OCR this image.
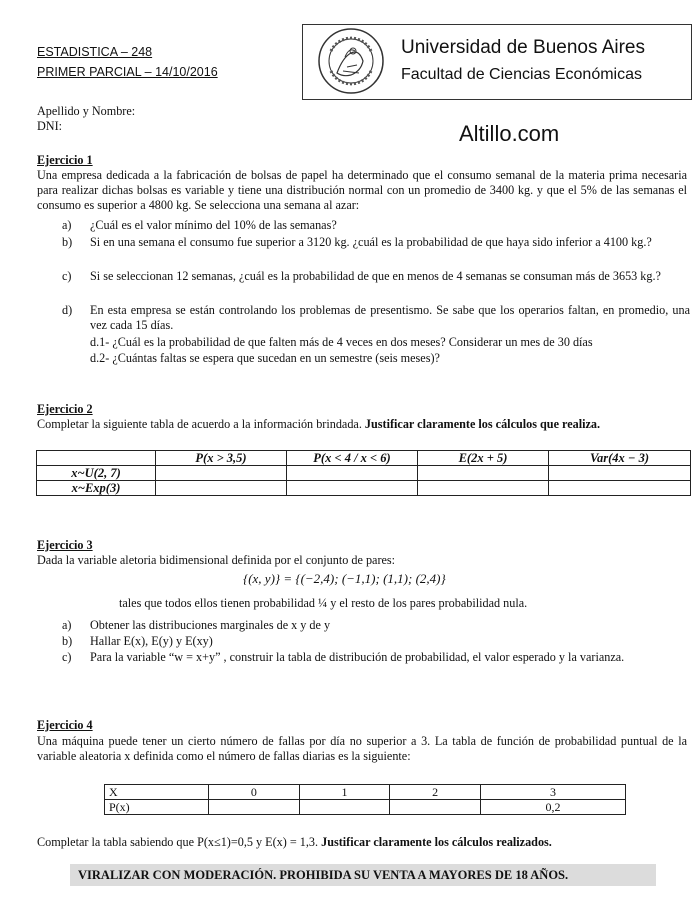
ESTADISTICA – 248
PRIMER PARCIAL – 14/10/2016
Universidad de Buenos Aires
Facultad de Ciencias Económicas
Apellido y Nombre:
DNI:	Altillo.com
Ejercicio 1
Una empresa dedicada a la fabricación de bolsas de papel ha determinado que el consumo semanal de la materia prima necesaria para realizar dichas bolsas es variable y tiene una distribución normal con un promedio de 3400 kg. y que el 5% de las semanas el consumo es superior a 4800 kg. Se selecciona una semana al azar:
a) ¿Cuál es el valor mínimo del 10% de las semanas?
b) Si en una semana el consumo fue superior a 3120 kg. ¿cuál es la probabilidad de que haya sido inferior a 4100 kg.?
c) Si se seleccionan 12 semanas, ¿cuál es la probabilidad de que en menos de 4 semanas se consuman más de 3653 kg.?
d) En esta empresa se están controlando los problemas de presentismo. Se sabe que los operarios faltan, en promedio, una vez cada 15 días.
d.1- ¿Cuál es la probabilidad de que falten más de 4 veces en dos meses? Considerar un mes de 30 días
d.2- ¿Cuántas faltas se espera que sucedan en un semestre (seis meses)?
Ejercicio 2
Completar la siguiente tabla de acuerdo a la información brindada. Justificar claramente los cálculos que realiza.
	P(x > 3,5)	P(x < 4 / x < 6)	E(2x + 5)	Var(4x − 3)
x~U(2, 7)				
x~Exp(3)				
Ejercicio 3
Dada la variable aletoria bidimensional definida por el conjunto de pares:
{(x, y)} = {(−2,4); (−1,1); (1,1); (2,4)}
tales que todos ellos tienen probabilidad ¼ y el resto de los pares probabilidad nula.
a) Obtener las distribuciones marginales de x y de y
b) Hallar E(x), E(y) y E(xy)
c) Para la variable “w = x+y” , construir la tabla de distribución de probabilidad, el valor esperado y la varianza.
Ejercicio 4
Una máquina puede tener un cierto número de fallas por día no superior a 3. La tabla de función de probabilidad puntual de la variable aleatoria x definida como el número de fallas diarias es la siguiente:
X	0	1	2	3
P(x)				0,2
Completar la tabla sabiendo que P(x≤1)=0,5 y E(x) = 1,3. Justificar claramente los cálculos realizados.
VIRALIZAR CON MODERACIÓN. PROHIBIDA SU VENTA A MAYORES DE 18 AÑOS.
